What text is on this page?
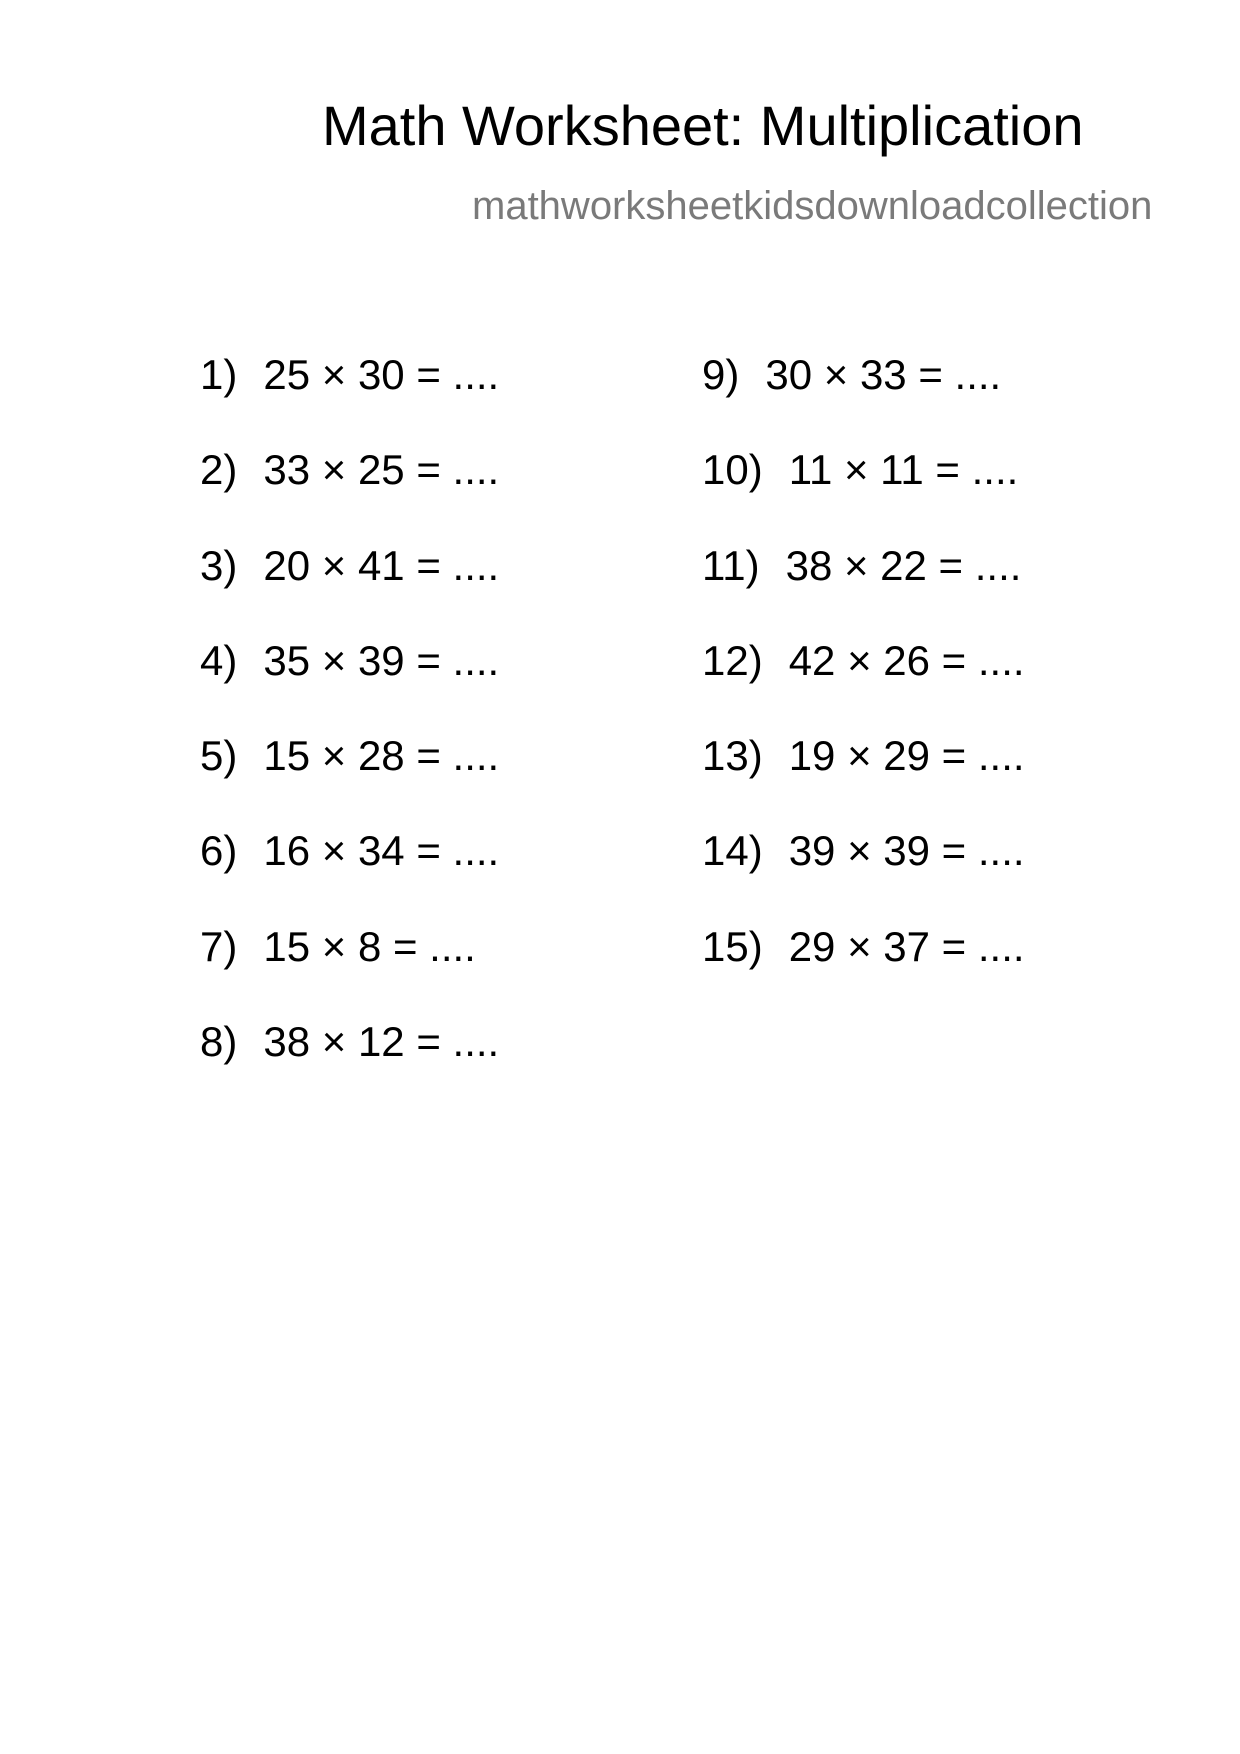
Math Worksheet: Multiplication
mathworksheetkidsdownloadcollection
1) 25 × 30 = ....
2) 33 × 25 = ....
3) 20 × 41 = ....
4) 35 × 39 = ....
5) 15 × 28 = ....
6) 16 × 34 = ....
7) 15 × 8 = ....
8) 38 × 12 = ....
9) 30 × 33 = ....
10) 11 × 11 = ....
11) 38 × 22 = ....
12) 42 × 26 = ....
13) 19 × 29 = ....
14) 39 × 39 = ....
15) 29 × 37 = ....
